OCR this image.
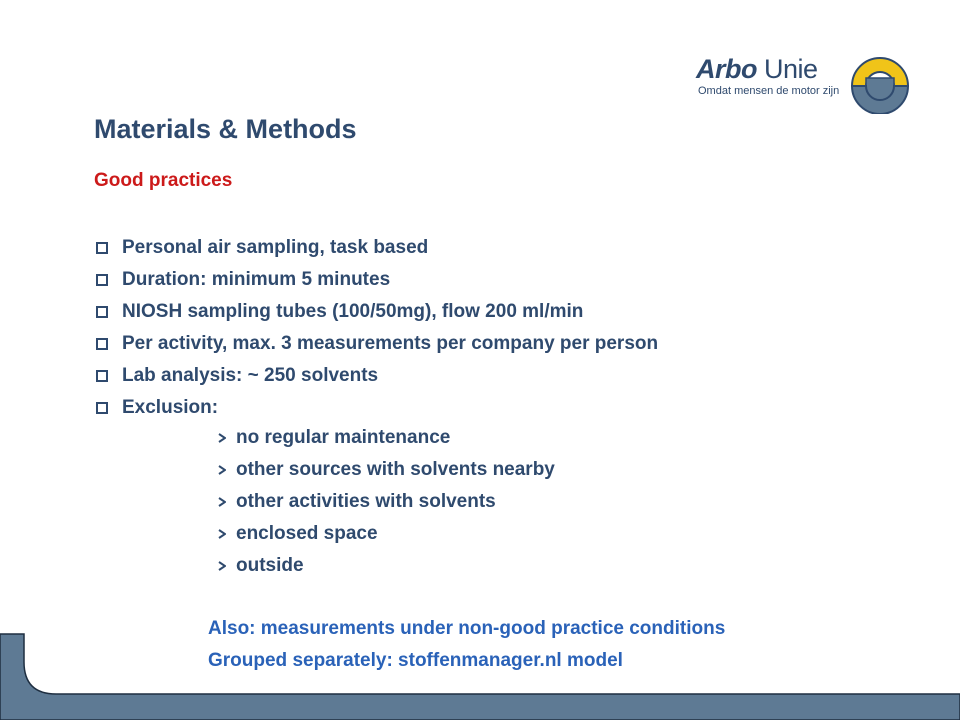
Arbo Unie
Omdat mensen de motor zijn
Materials & Methods
Good practices
Personal air sampling, task based
Duration: minimum 5 minutes
NIOSH sampling tubes (100/50mg), flow 200 ml/min
Per activity, max. 3 measurements per company per person
Lab analysis: ~ 250 solvents
Exclusion:
no regular maintenance
other sources with solvents nearby
other activities with solvents
enclosed space
outside

Also: measurements under non-good practice conditions

Grouped separately: stoffenmanager.nl model
